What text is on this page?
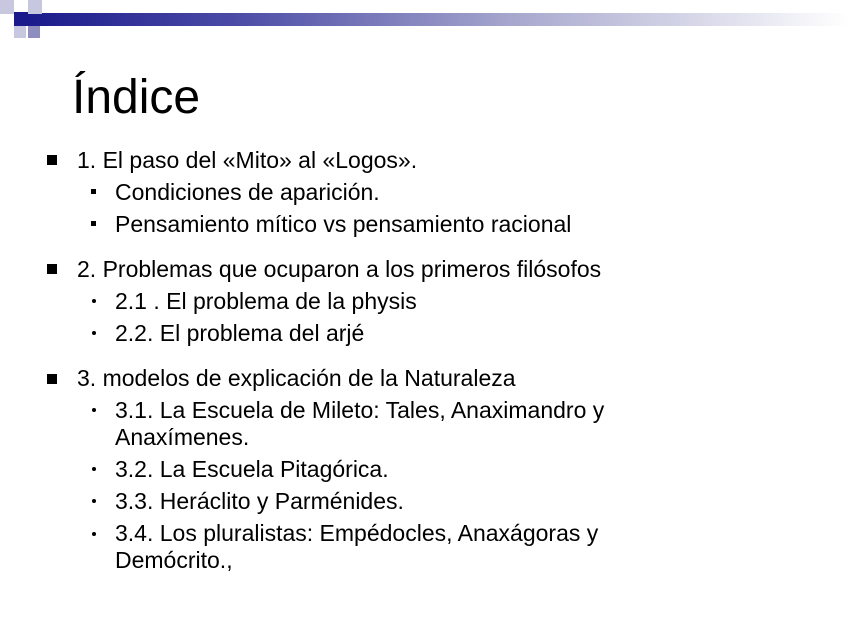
Índice
1. El paso del «Mito» al «Logos».
Condiciones de aparición.
Pensamiento mítico vs pensamiento racional
2. Problemas que ocuparon a los primeros filósofos
2.1 . El problema de la physis
2.2. El problema del arjé
3. modelos de explicación de la Naturaleza
3.1. La Escuela de Mileto: Tales, Anaximandro y
Anaxímenes.
3.2. La Escuela Pitagórica.
3.3. Heráclito y Parménides.
3.4. Los pluralistas: Empédocles, Anaxágoras y
Demócrito.,
